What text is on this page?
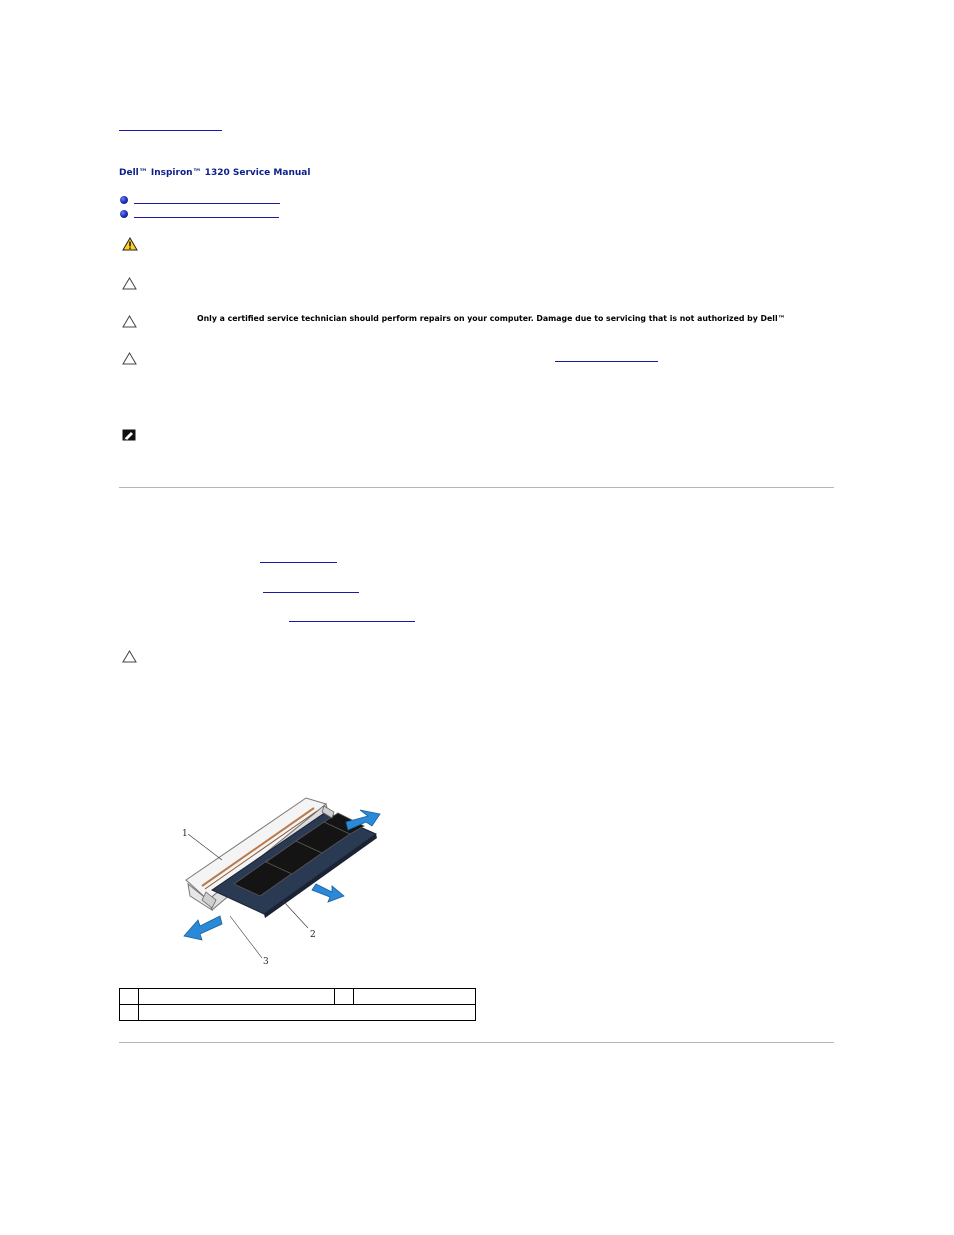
Dell™ Inspiron™ 1320 Service Manual
Only a certified service technician should perform repairs on your computer. Damage due to servicing that is not authorized by Dell™
1
2
3
